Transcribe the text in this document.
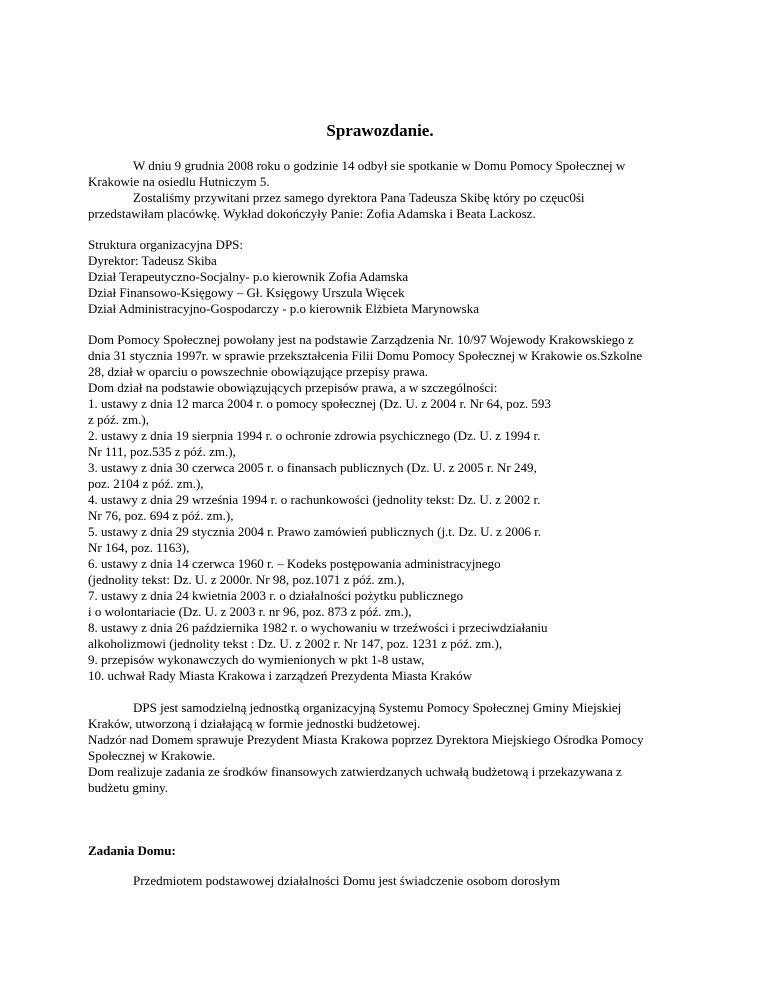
Sprawozdanie.
W dniu 9 grudnia 2008 roku o godzinie 14 odbył sie spotkanie w Domu Pomocy Społecznej w
Krakowie na osiedlu Hutniczym 5.
Zostaliśmy przywitani przez samego dyrektora Pana Tadeusza Skibę który po częuc0śi
przedstawiłam placówkę. Wykład dokończyły Panie: Zofia Adamska i Beata Lackosz.
Struktura organizacyjna DPS:
Dyrektor: Tadeusz Skiba
Dział Terapeutyczno-Socjalny- p.o kierownik Zofia Adamska
Dział Finansowo-Księgowy – Gł. Księgowy Urszula Więcek
Dział Administracyjno-Gospodarczy - p.o kierownik Elżbieta Marynowska
Dom Pomocy Społecznej powołany jest na podstawie Zarządzenia Nr. 10/97 Wojewody Krakowskiego z
dnia 31 stycznia 1997r. w sprawie przekształcenia Filii Domu Pomocy Społecznej w Krakowie os.Szkolne
28, dział w oparciu o powszechnie obowiązujące przepisy prawa.
Dom dział na podstawie obowiązujących przepisów prawa, a w szczególności:
1. ustawy z dnia 12 marca 2004 r. o pomocy społecznej (Dz. U. z 2004 r. Nr 64, poz. 593
z póź. zm.),
2. ustawy z dnia 19 sierpnia 1994 r. o ochronie zdrowia psychicznego (Dz. U. z 1994 r.
Nr 111, poz.535 z póź. zm.),
3. ustawy z dnia 30 czerwca 2005 r. o finansach publicznych (Dz. U. z 2005 r. Nr 249,
poz. 2104 z póź. zm.),
4. ustawy z dnia 29 września 1994 r. o rachunkowości (jednolity tekst: Dz. U. z 2002 r.
Nr 76, poz. 694 z póź. zm.),
5. ustawy z dnia 29 stycznia 2004 r. Prawo zamówień publicznych (j.t. Dz. U. z 2006 r.
Nr 164, poz. 1163),
6. ustawy z dnia 14 czerwca 1960 r. – Kodeks postępowania administracyjnego
(jednolity tekst: Dz. U. z 2000r. Nr 98, poz.1071 z póź. zm.),
7. ustawy z dnia 24 kwietnia 2003 r. o działalności pożytku publicznego
i o wolontariacie (Dz. U. z 2003 r. nr 96, poz. 873 z póź. zm.),
8. ustawy z dnia 26 października 1982 r. o wychowaniu w trzeźwości i przeciwdziałaniu
alkoholizmowi (jednolity tekst : Dz. U. z 2002 r. Nr 147, poz. 1231 z póź. zm.),
9. przepisów wykonawczych do wymienionych w pkt 1-8 ustaw,
10. uchwał Rady Miasta Krakowa i zarządzeń Prezydenta Miasta Kraków
DPS jest samodzielną jednostką organizacyjną Systemu Pomocy Społecznej Gminy Miejskiej
Kraków, utworzoną i działającą w formie jednostki budżetowej.
Nadzór nad Domem sprawuje Prezydent Miasta Krakowa poprzez Dyrektora Miejskiego Ośrodka Pomocy
Społecznej w Krakowie.
Dom realizuje zadania ze środków finansowych zatwierdzanych uchwałą budżetową i przekazywana z
budżetu gminy.
Zadania Domu:
Przedmiotem podstawowej działalności Domu jest świadczenie osobom dorosłym
